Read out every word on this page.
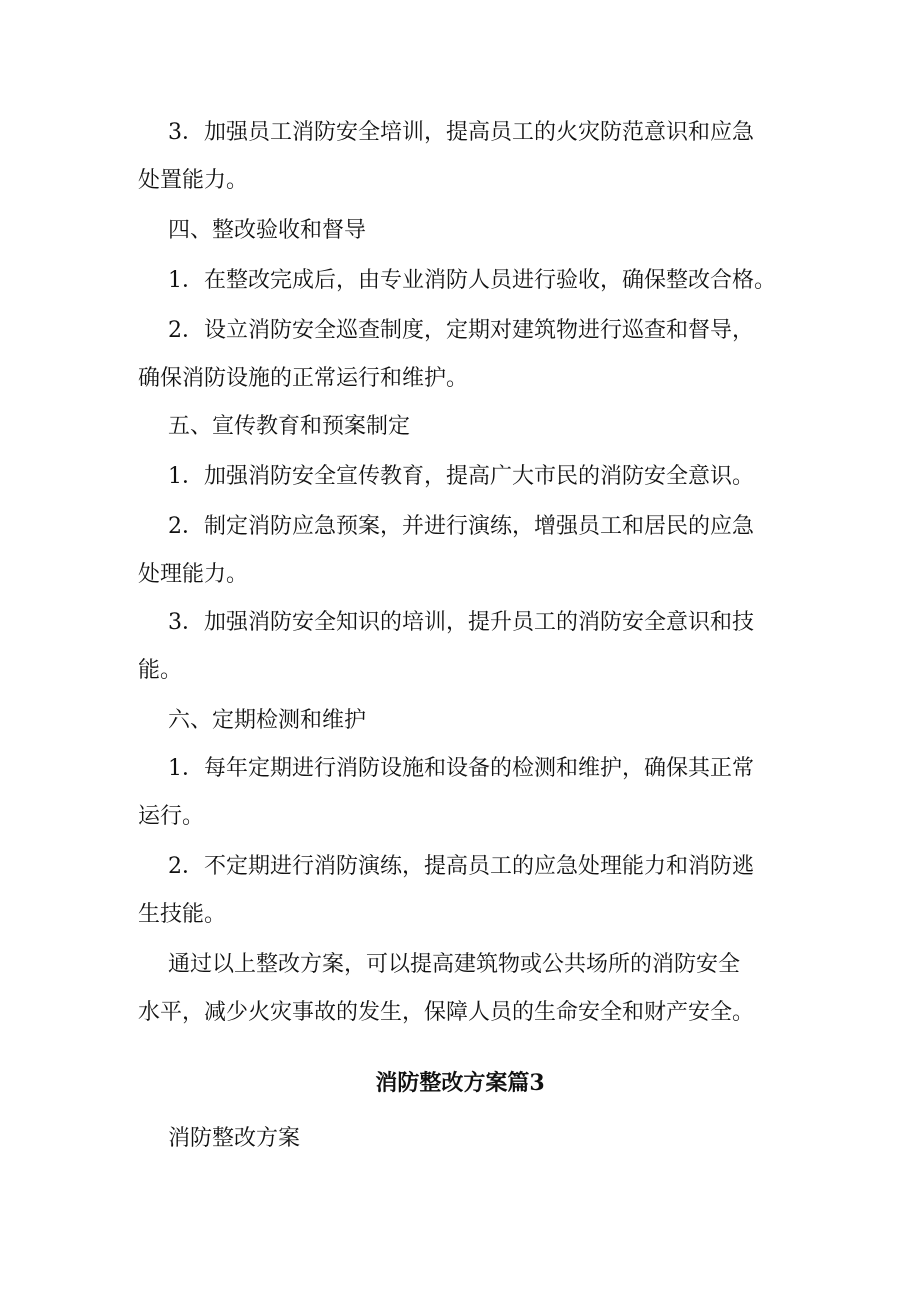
3．加强员工消防安全培训，提高员工的火灾防范意识和应急
处置能力。
四、整改验收和督导
1．在整改完成后，由专业消防人员进行验收，确保整改合格。
2．设立消防安全巡查制度，定期对建筑物进行巡查和督导，
确保消防设施的正常运行和维护。
五、宣传教育和预案制定
1．加强消防安全宣传教育，提高广大市民的消防安全意识。
2．制定消防应急预案，并进行演练，增强员工和居民的应急
处理能力。
3．加强消防安全知识的培训，提升员工的消防安全意识和技
能。
六、定期检测和维护
1．每年定期进行消防设施和设备的检测和维护，确保其正常
运行。
2．不定期进行消防演练，提高员工的应急处理能力和消防逃
生技能。
通过以上整改方案，可以提高建筑物或公共场所的消防安全
水平，减少火灾事故的发生，保障人员的生命安全和财产安全。
消防整改方案篇3
消防整改方案
